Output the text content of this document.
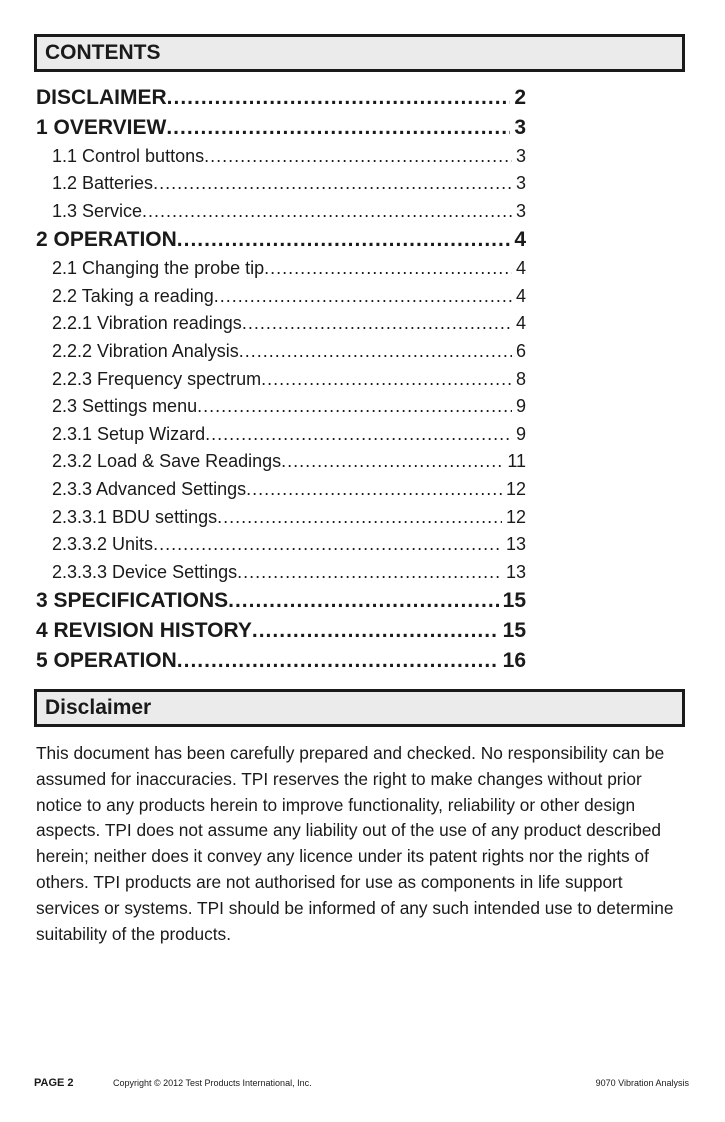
CONTENTS
DISCLAIMER .....	2
1 OVERVIEW .....	3
1.1 Control buttons .....	3
1.2 Batteries .....	3
1.3 Service .....	3
2 OPERATION .....	4
2.1 Changing the probe tip .....	4
2.2 Taking a reading .....	4
2.2.1 Vibration readings .....	4
2.2.2 Vibration Analysis .....	6
2.2.3 Frequency spectrum .....	8
2.3 Settings menu .....	9
2.3.1 Setup Wizard .....	9
2.3.2 Load & Save Readings .....	11
2.3.3 Advanced Settings .....	12
2.3.3.1 BDU settings .....	12
2.3.3.2 Units .....	13
2.3.3.3 Device Settings .....	13
3 SPECIFICATIONS .....	15
4 REVISION HISTORY .....	15
5 OPERATION .....	16
Disclaimer

This document has been carefully prepared and checked. No responsibility can be assumed for inaccuracies. TPI reserves the right to make changes without prior notice to any products herein to improve functionality, reliability or other design aspects. TPI does not assume any liability out of the use of any product described herein; neither does it convey any licence under its patent rights nor the rights of others. TPI products are not authorised for use as components in life support services or systems. TPI should be informed of any such intended use to determine suitability of the products.

PAGE 2	Copyright © 2012 Test Products International, Inc.	9070 Vibration Analysis
